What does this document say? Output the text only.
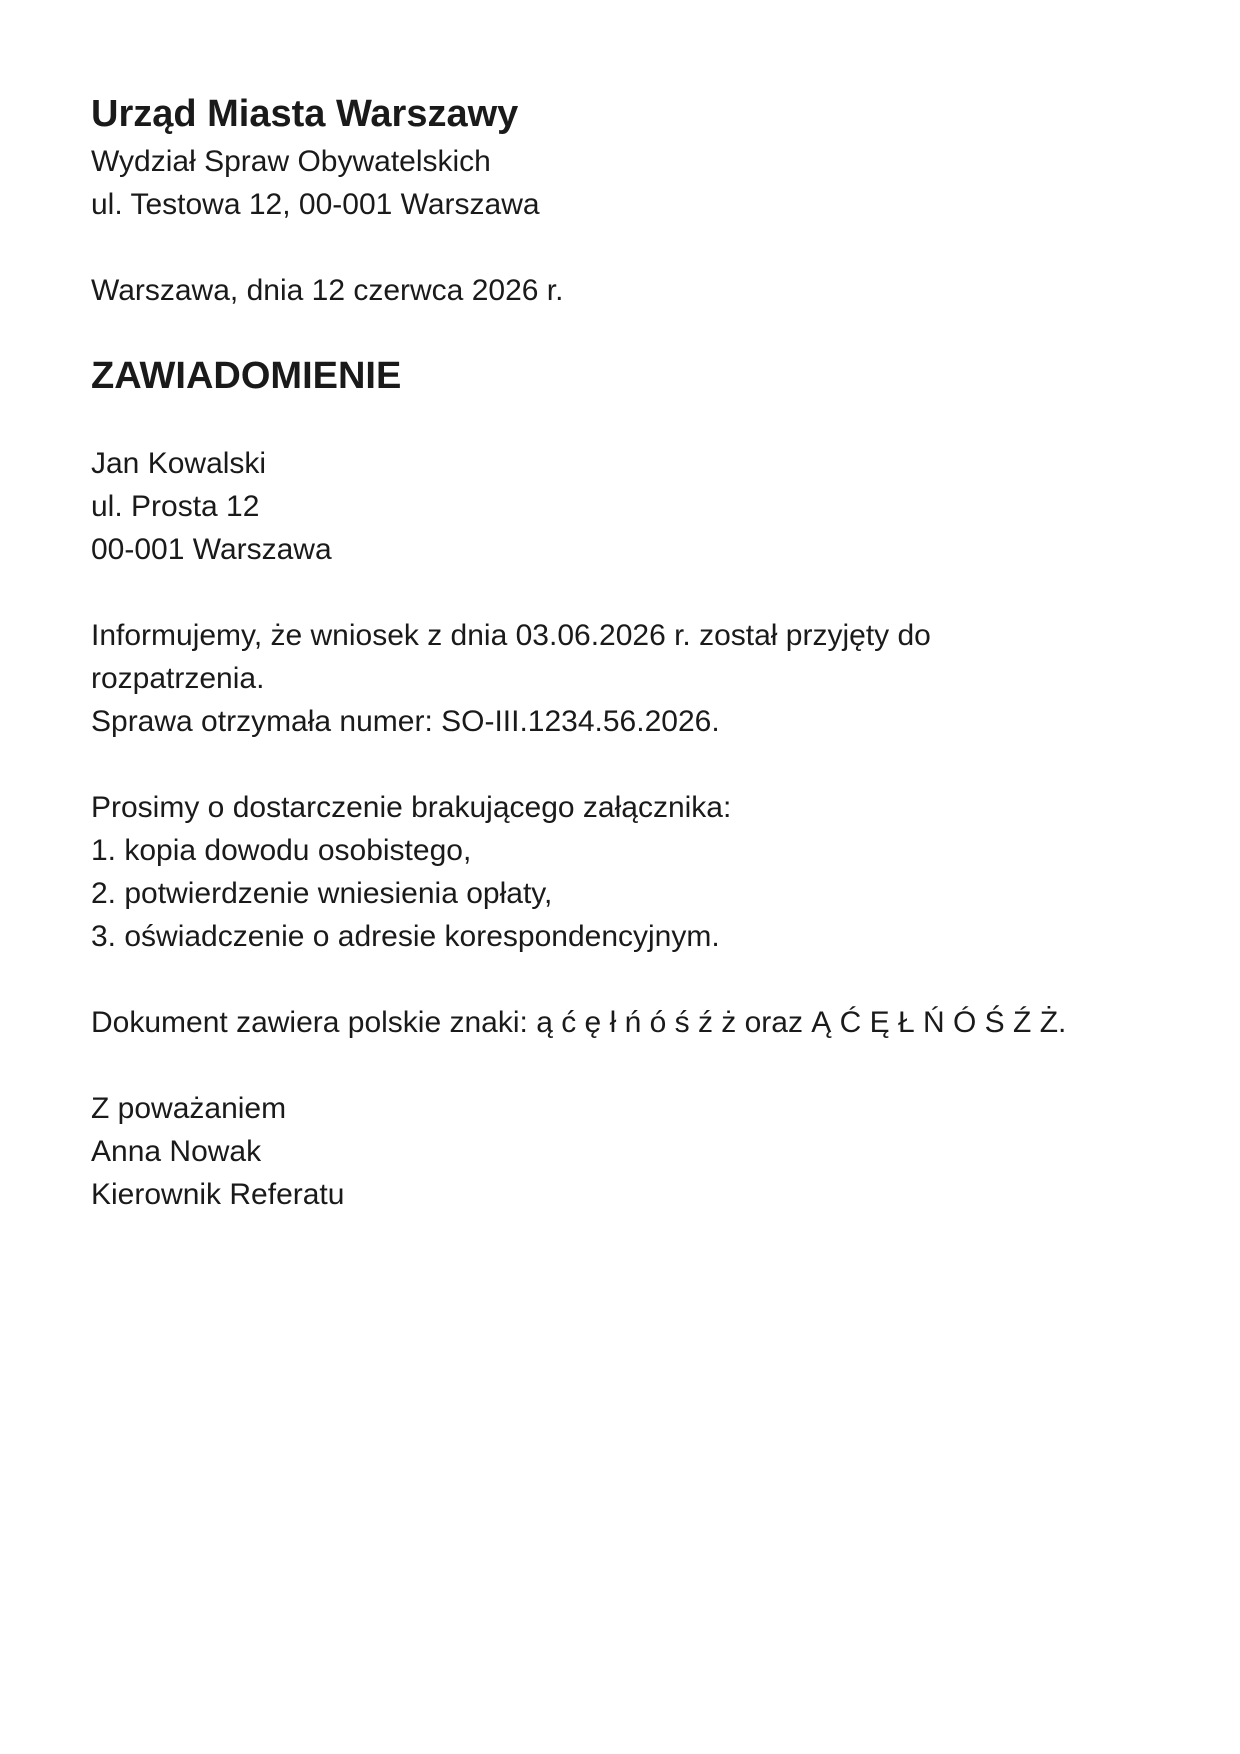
Urząd Miasta Warszawy
Wydział Spraw Obywatelskich
ul. Testowa 12, 00-001 Warszawa
Warszawa, dnia 12 czerwca 2026 r.
ZAWIADOMIENIE
Jan Kowalski
ul. Prosta 12
00-001 Warszawa
Informujemy, że wniosek z dnia 03.06.2026 r. został przyjęty do
rozpatrzenia.
Sprawa otrzymała numer: SO-III.1234.56.2026.
Prosimy o dostarczenie brakującego załącznika:
1. kopia dowodu osobistego,
2. potwierdzenie wniesienia opłaty,
3. oświadczenie o adresie korespondencyjnym.
Dokument zawiera polskie znaki: ą ć ę ł ń ó ś ź ż oraz Ą Ć Ę Ł Ń Ó Ś Ź Ż.
Z poważaniem
Anna Nowak
Kierownik Referatu
